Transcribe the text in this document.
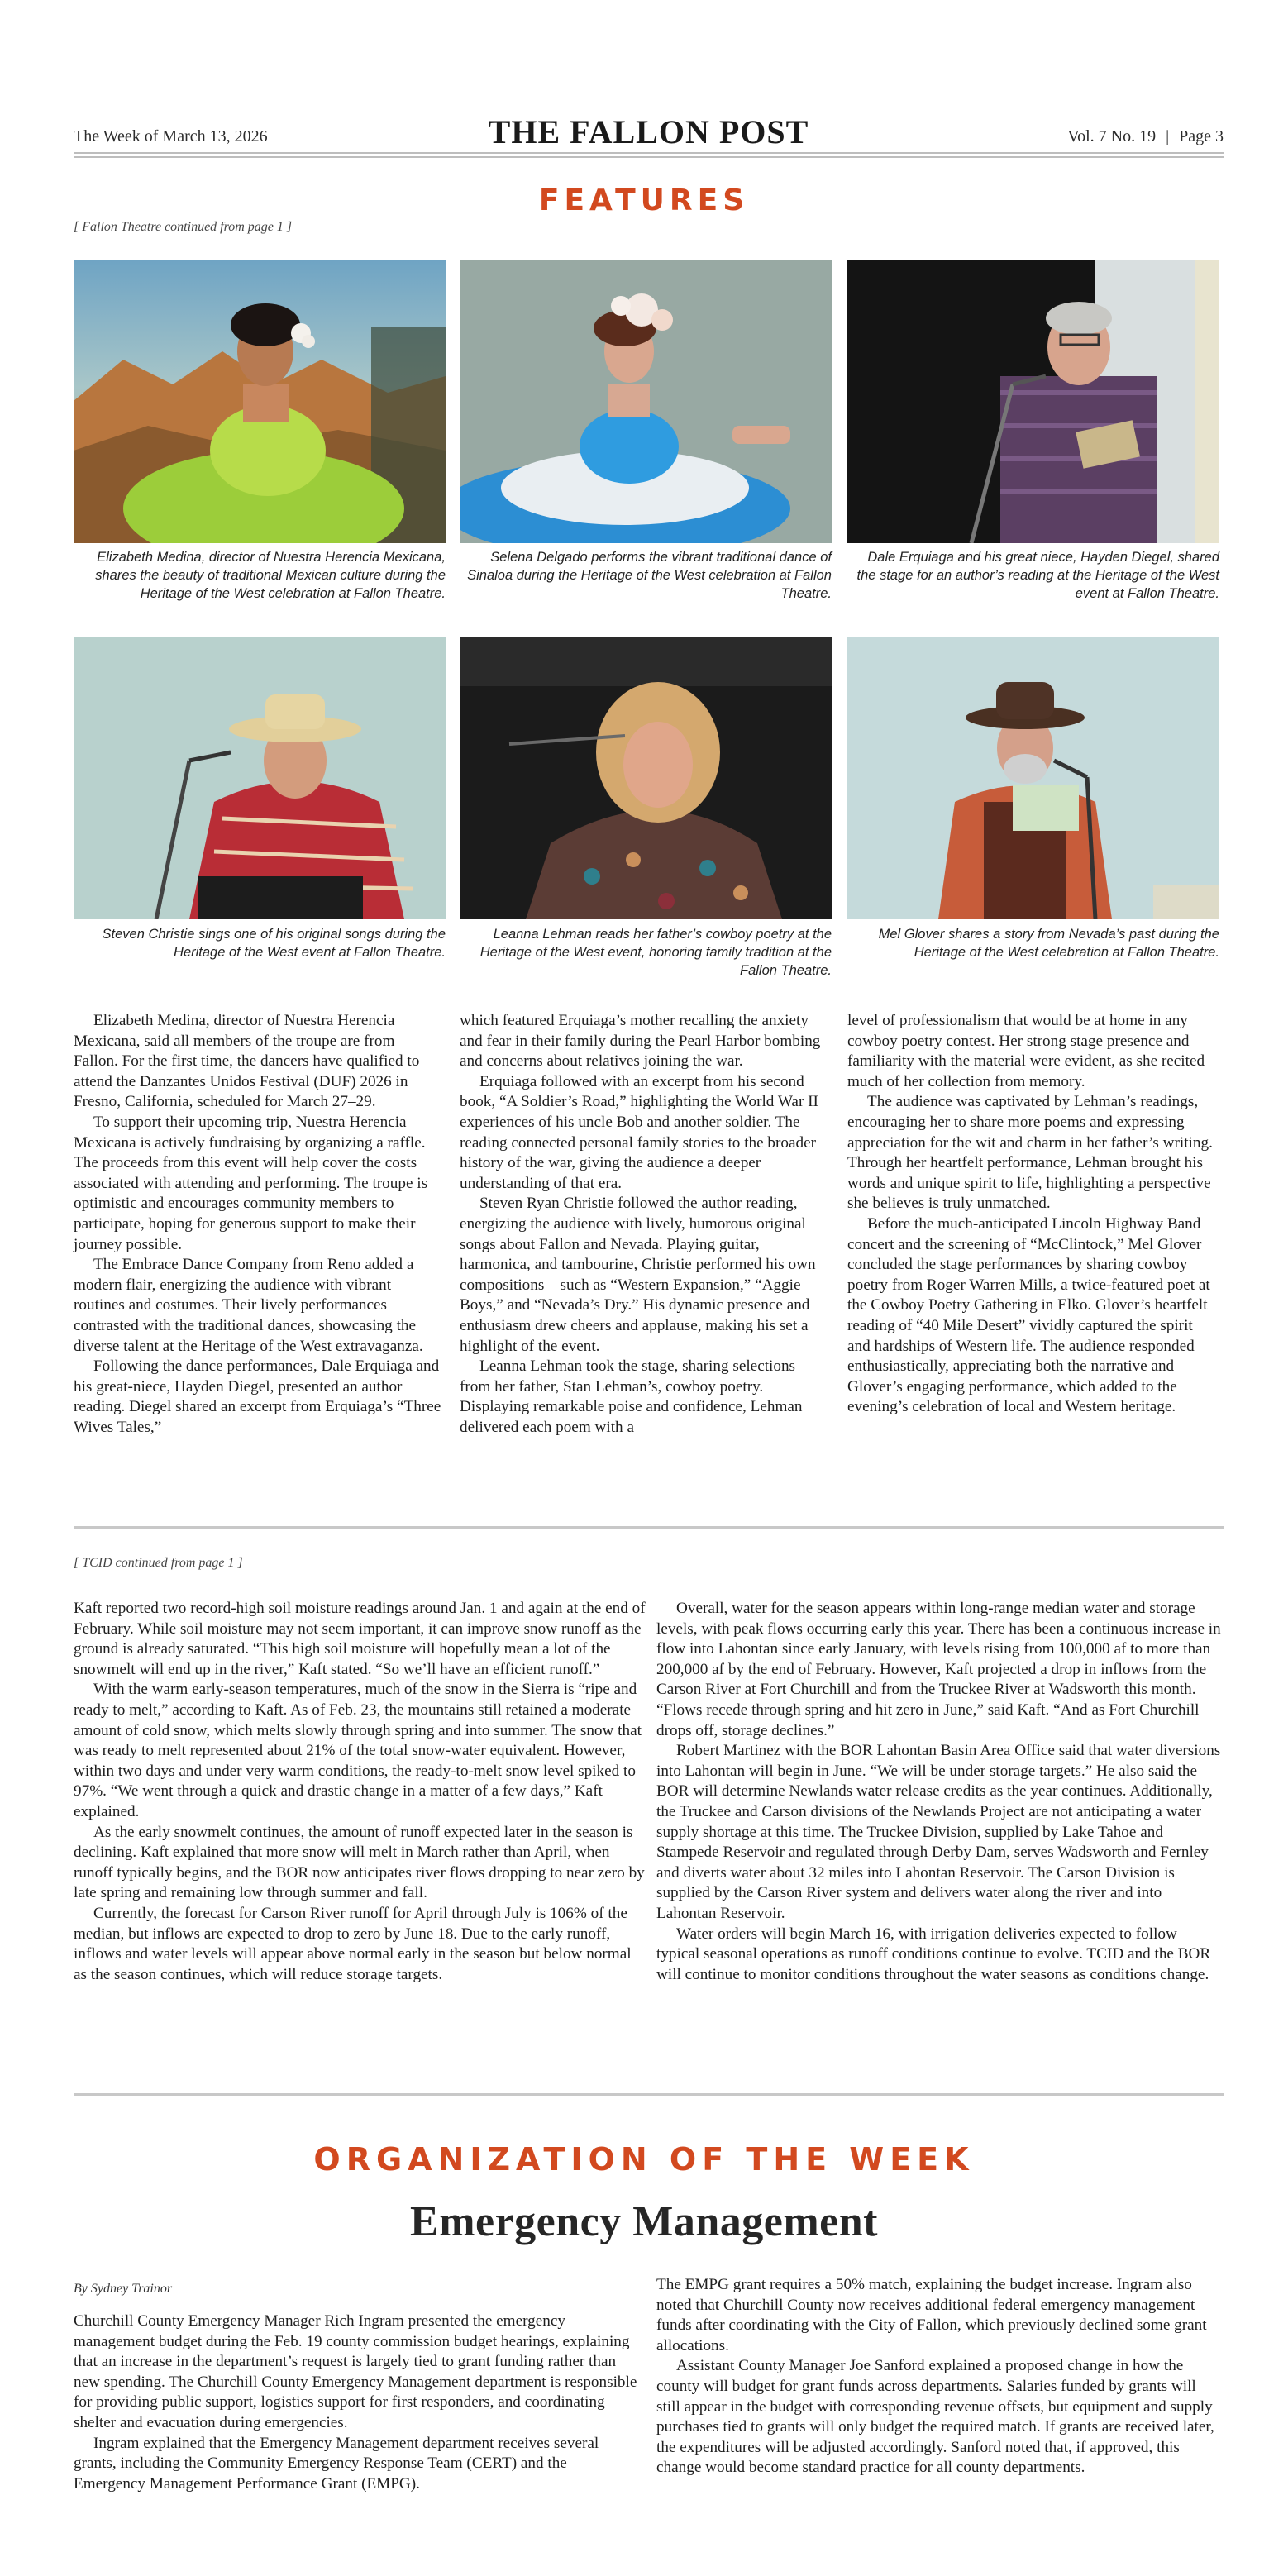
The Week of March 13, 2026	THE FALLON POST	Vol. 7 No. 19 | Page 3
FEATURES
[ Fallon Theatre continued from page 1 ]
Elizabeth Medina, director of Nuestra Herencia Mexicana, shares the beauty of traditional Mexican culture during the Heritage of the West celebration at Fallon Theatre.
Selena Delgado performs the vibrant traditional dance of Sinaloa during the Heritage of the West celebration at Fallon Theatre.
Dale Erquiaga and his great niece, Hayden Diegel, shared the stage for an author’s reading at the Heritage of the West event at Fallon Theatre.
Steven Christie sings one of his original songs during the Heritage of the West event at Fallon Theatre.
Leanna Lehman reads her father’s cowboy poetry at the Heritage of the West event, honoring family tradition at the Fallon Theatre.
Mel Glover shares a story from Nevada’s past during the Heritage of the West celebration at Fallon Theatre.

Elizabeth Medina, director of Nuestra Herencia Mexicana, said all members of the troupe are from Fallon. For the first time, the dancers have qualified to attend the Danzantes Unidos Festival (DUF) 2026 in Fresno, California, scheduled for March 27–29.

To support their upcoming trip, Nuestra Herencia Mexicana is actively fundraising by organizing a raffle. The proceeds from this event will help cover the costs associated with attending and performing. The troupe is optimistic and encourages community members to participate, hoping for generous support to make their journey possible.

The Embrace Dance Company from Reno added a modern flair, energizing the audience with vibrant routines and costumes. Their lively performances contrasted with the traditional dances, showcasing the diverse talent at the Heritage of the West extravaganza.

Following the dance performances, Dale Erquiaga and his great-niece, Hayden Diegel, presented an author reading. Diegel shared an excerpt from Erquiaga’s “Three Wives Tales,”

which featured Erquiaga’s mother recalling the anxiety and fear in their family during the Pearl Harbor bombing and concerns about relatives joining the war.

Erquiaga followed with an excerpt from his second book, “A Soldier’s Road,” highlighting the World War II experiences of his uncle Bob and another soldier. The reading connected personal family stories to the broader history of the war, giving the audience a deeper understanding of that era.

Steven Ryan Christie followed the author reading, energizing the audience with lively, humorous original songs about Fallon and Nevada. Playing guitar, harmonica, and tambourine, Christie performed his own compositions—such as “Western Expansion,” “Aggie Boys,” and “Nevada’s Dry.” His dynamic presence and enthusiasm drew cheers and applause, making his set a highlight of the event.

Leanna Lehman took the stage, sharing selections from her father, Stan Lehman’s, cowboy poetry. Displaying remarkable poise and confidence, Lehman delivered each poem with a

level of professionalism that would be at home in any cowboy poetry contest. Her strong stage presence and familiarity with the material were evident, as she recited much of her collection from memory.

The audience was captivated by Lehman’s readings, encouraging her to share more poems and expressing appreciation for the wit and charm in her father’s writing. Through her heartfelt performance, Lehman brought his words and unique spirit to life, highlighting a perspective she believes is truly unmatched.

Before the much-anticipated Lincoln Highway Band concert and the screening of “McClintock,” Mel Glover concluded the stage performances by sharing cowboy poetry from Roger Warren Mills, a twice-featured poet at the Cowboy Poetry Gathering in Elko. Glover’s heartfelt reading of “40 Mile Desert” vividly captured the spirit and hardships of Western life. The audience responded enthusiastically, appreciating both the narrative and Glover’s engaging performance, which added to the evening’s celebration of local and Western heritage.

[ TCID continued from page 1 ]

Kaft reported two record-high soil moisture readings around Jan. 1 and again at the end of February. While soil moisture may not seem important, it can improve snow runoff as the ground is already saturated. “This high soil moisture will hopefully mean a lot of the snowmelt will end up in the river,” Kaft stated. “So we’ll have an efficient runoff.”

With the warm early-season temperatures, much of the snow in the Sierra is “ripe and ready to melt,” according to Kaft. As of Feb. 23, the mountains still retained a moderate amount of cold snow, which melts slowly through spring and into summer. The snow that was ready to melt represented about 21% of the total snow-water equivalent. However, within two days and under very warm conditions, the ready-to-melt snow level spiked to 97%. “We went through a quick and drastic change in a matter of a few days,” Kaft explained.

As the early snowmelt continues, the amount of runoff expected later in the season is declining. Kaft explained that more snow will melt in March rather than April, when runoff typically begins, and the BOR now anticipates river flows dropping to near zero by late spring and remaining low through summer and fall.

Currently, the forecast for Carson River runoff for April through July is 106% of the median, but inflows are expected to drop to zero by June 18. Due to the early runoff, inflows and water levels will appear above normal early in the season but below normal as the season continues, which will reduce storage targets.

Overall, water for the season appears within long-range median water and storage levels, with peak flows occurring early this year. There has been a continuous increase in flow into Lahontan since early January, with levels rising from 100,000 af to more than 200,000 af by the end of February. However, Kaft projected a drop in inflows from the Carson River at Fort Churchill and from the Truckee River at Wadsworth this month. “Flows recede through spring and hit zero in June,” said Kaft. “And as Fort Churchill drops off, storage declines.”

Robert Martinez with the BOR Lahontan Basin Area Office said that water diversions into Lahontan will begin in June. “We will be under storage targets.” He also said the BOR will determine Newlands water release credits as the year continues. Additionally, the Truckee and Carson divisions of the Newlands Project are not anticipating a water supply shortage at this time. The Truckee Division, supplied by Lake Tahoe and Stampede Reservoir and regulated through Derby Dam, serves Wadsworth and Fernley and diverts water about 32 miles into Lahontan Reservoir. The Carson Division is supplied by the Carson River system and delivers water along the river and into Lahontan Reservoir.

Water orders will begin March 16, with irrigation deliveries expected to follow typical seasonal operations as runoff conditions continue to evolve. TCID and the BOR will continue to monitor conditions throughout the water seasons as conditions change.

ORGANIZATION OF THE WEEK
Emergency Management
By Sydney Trainor

Churchill County Emergency Manager Rich Ingram presented the emergency management budget during the Feb. 19 county commission budget hearings, explaining that an increase in the department’s request is largely tied to grant funding rather than new spending. The Churchill County Emergency Management department is responsible for providing public support, logistics support for first responders, and coordinating shelter and evacuation during emergencies.

Ingram explained that the Emergency Management department receives several grants, including the Community Emergency Response Team (CERT) and the Emergency Management Performance Grant (EMPG).

The EMPG grant requires a 50% match, explaining the budget increase. Ingram also noted that Churchill County now receives additional federal emergency management funds after coordinating with the City of Fallon, which previously declined some grant allocations.

Assistant County Manager Joe Sanford explained a proposed change in how the county will budget for grant funds across departments. Salaries funded by grants will still appear in the budget with corresponding revenue offsets, but equipment and supply purchases tied to grants will only budget the required match. If grants are received later, the expenditures will be adjusted accordingly. Sanford noted that, if approved, this change would become standard practice for all county departments.
